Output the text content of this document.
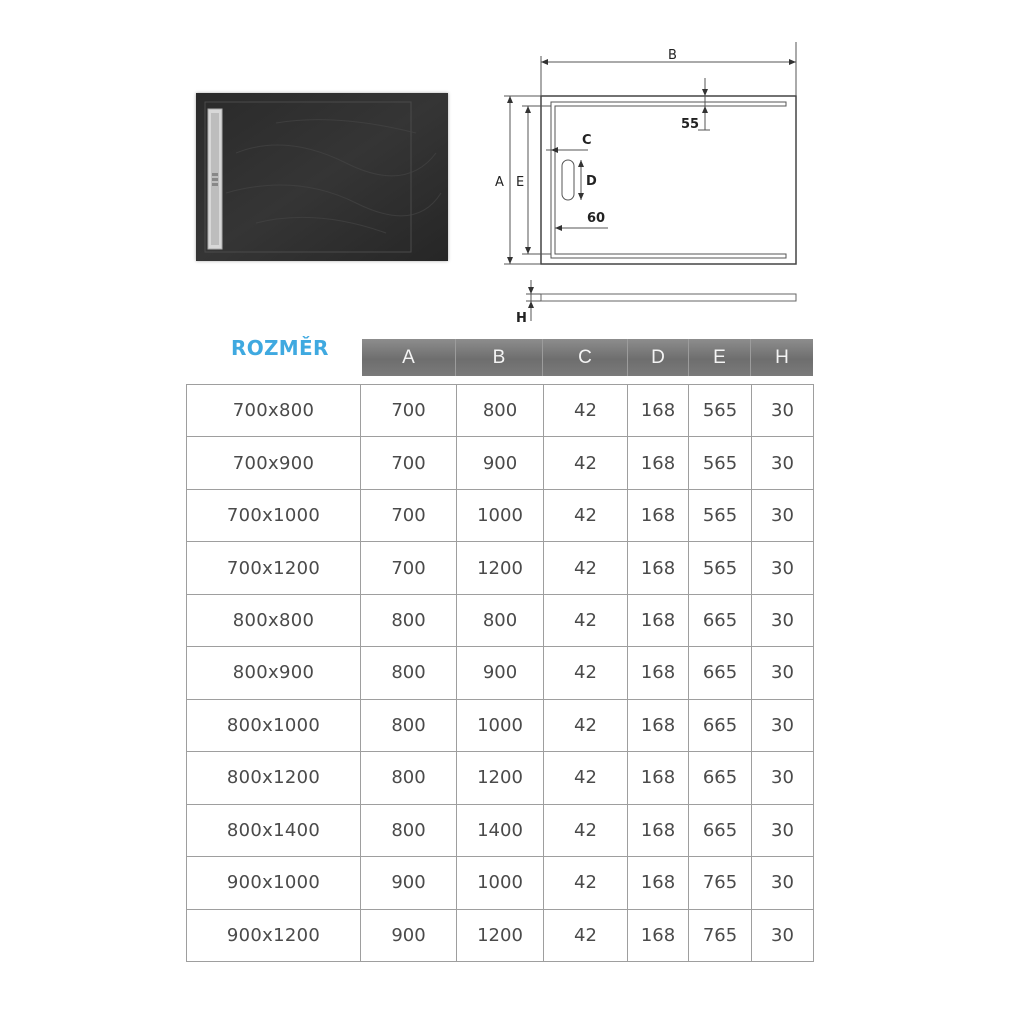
B
A E
55
C
D
60
H
ROZMĚR	A	B	C	D	E	H
700x800	700	800	42	168	565	30
700x900	700	900	42	168	565	30
700x1000	700	1000	42	168	565	30
700x1200	700	1200	42	168	565	30
800x800	800	800	42	168	665	30
800x900	800	900	42	168	665	30
800x1000	800	1000	42	168	665	30
800x1200	800	1200	42	168	665	30
800x1400	800	1400	42	168	665	30
900x1000	900	1000	42	168	765	30
900x1200	900	1200	42	168	765	30
